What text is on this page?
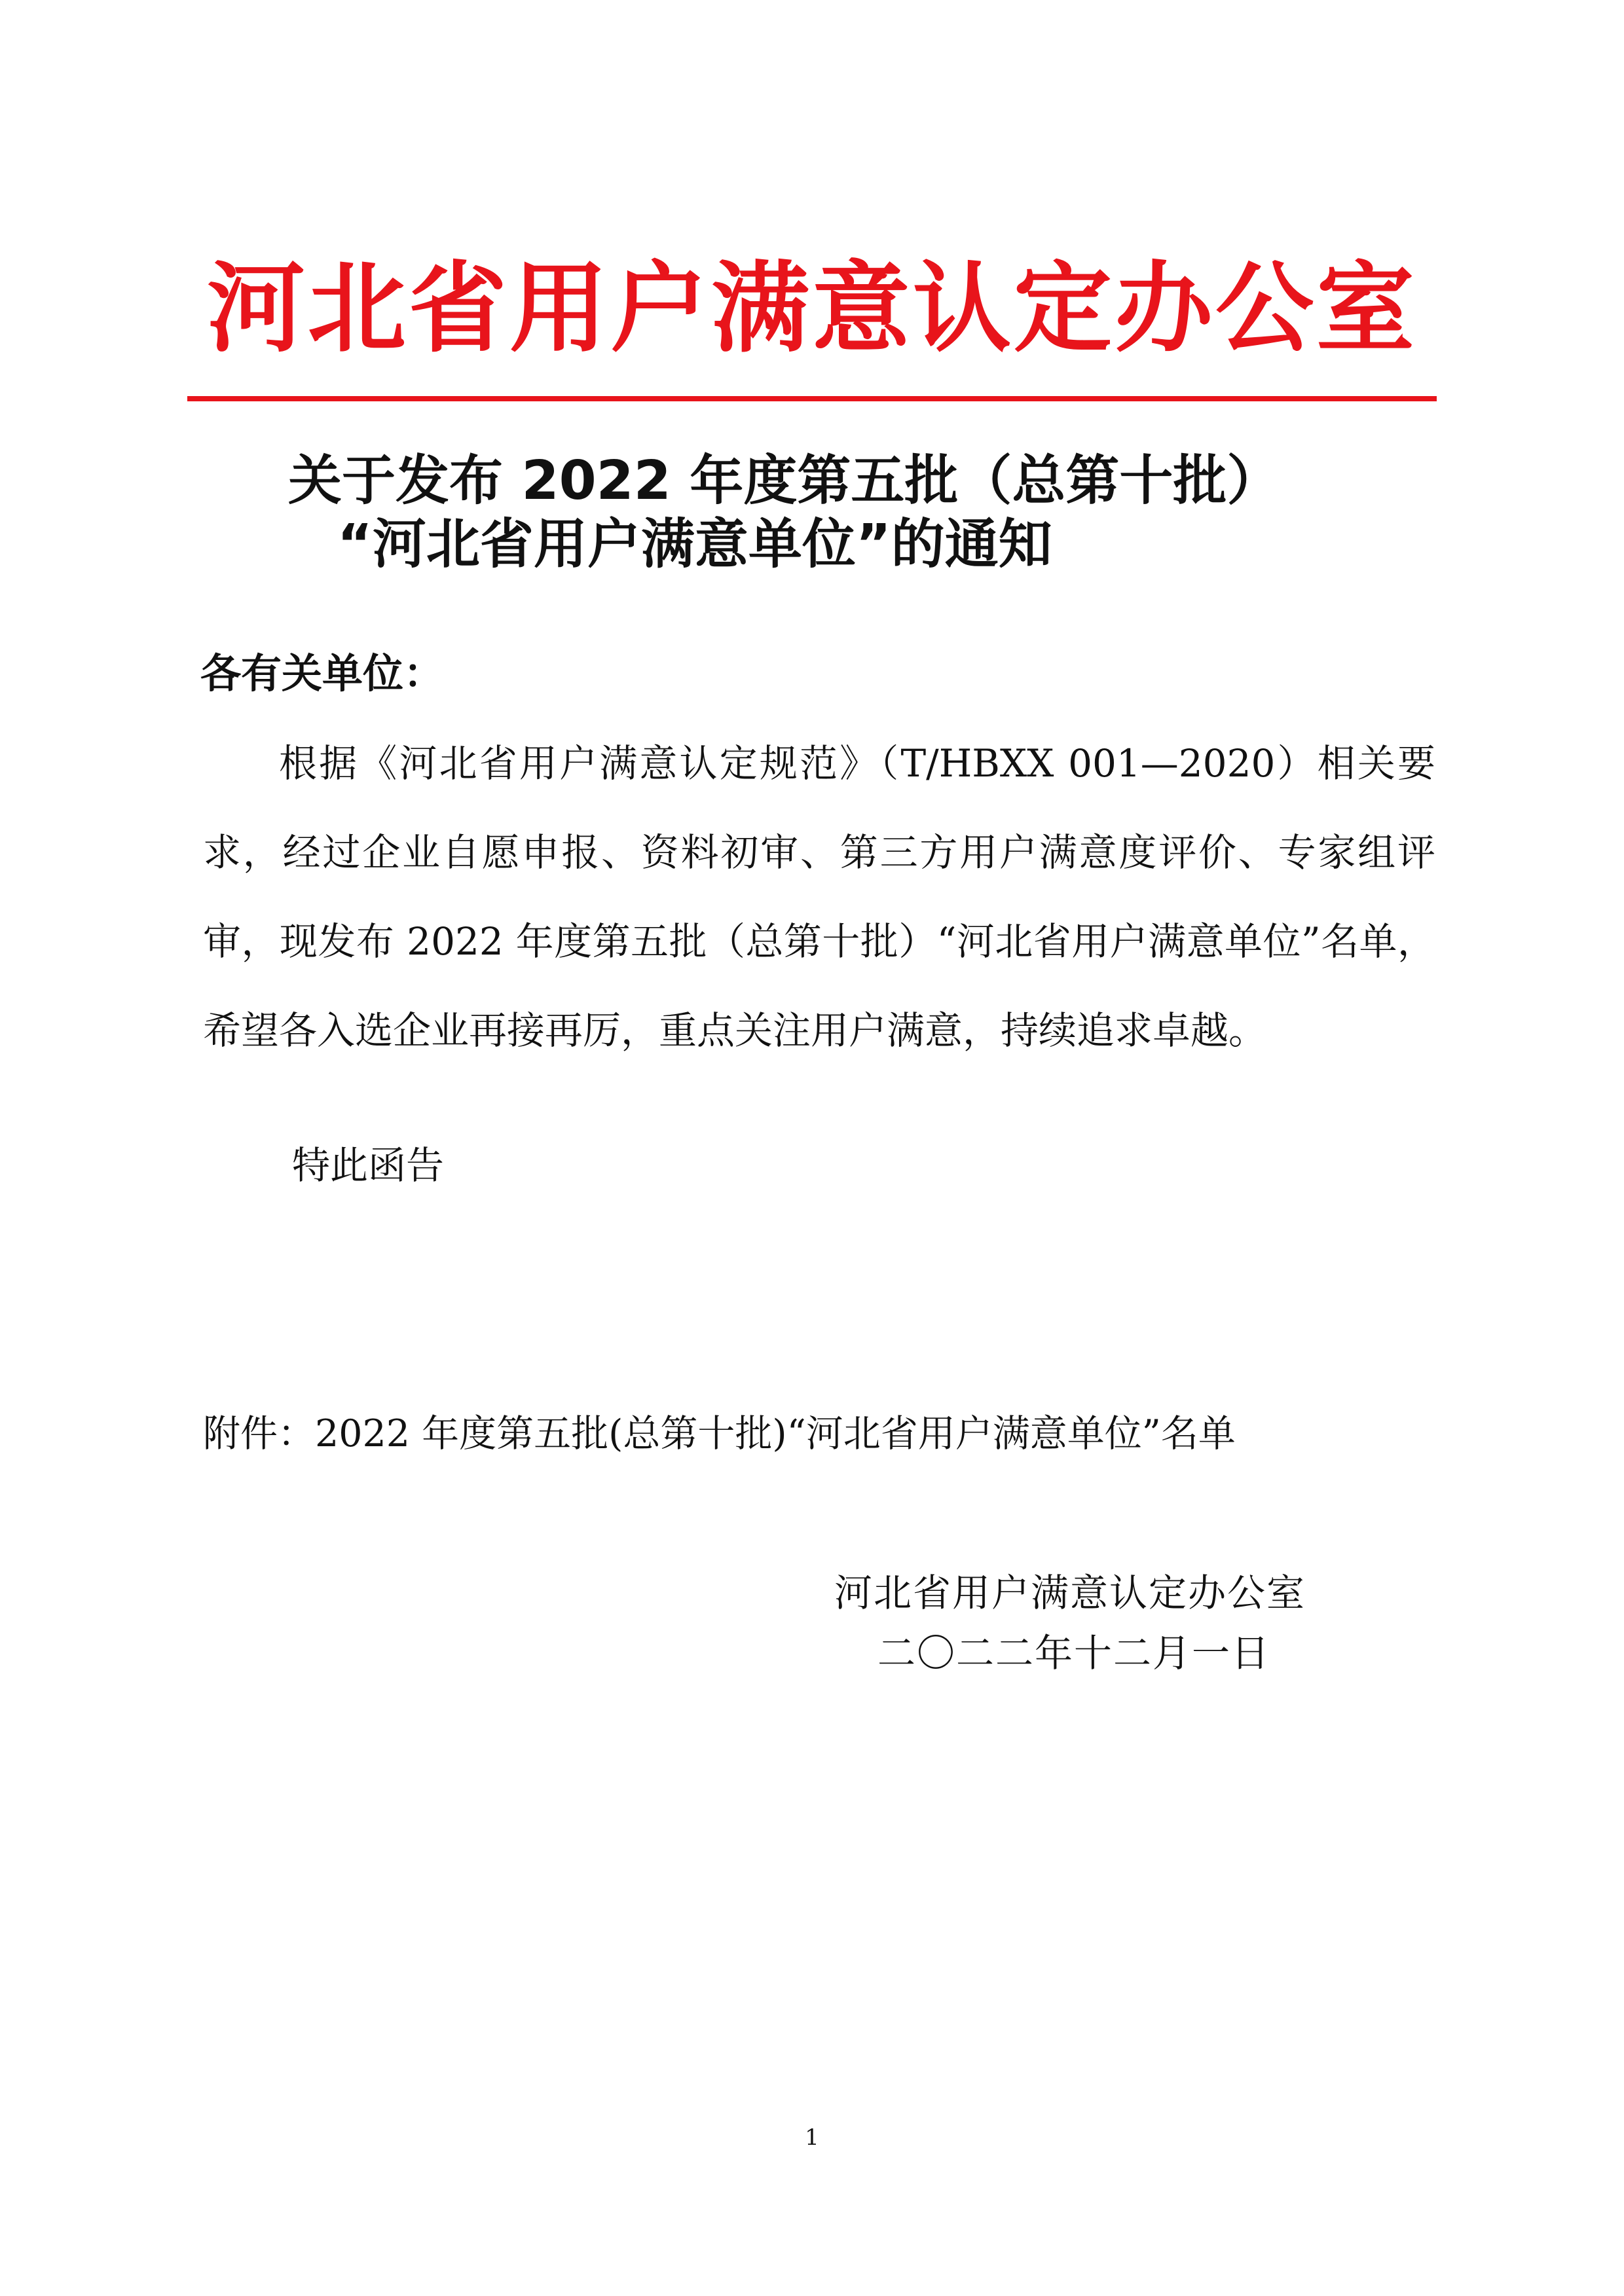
河北省用户满意认定办公室
关于发布 2022 年度第五批（总第十批）
“河北省用户满意单位”的通知
各有关单位：

根据《河北省用户满意认定规范》（T/HBXX 001—2020）相关要求，经过企业自愿申报、资料初审、第三方用户满意度评价、专家组评审，现发布 2022 年度第五批（总第十批）“河北省用户满意单位”名单，希望各入选企业再接再厉，重点关注用户满意，持续追求卓越。

特此函告
附件：2022 年度第五批(总第十批)“河北省用户满意单位”名单
河北省用户满意认定办公室
二〇二二年十二月一日
1
